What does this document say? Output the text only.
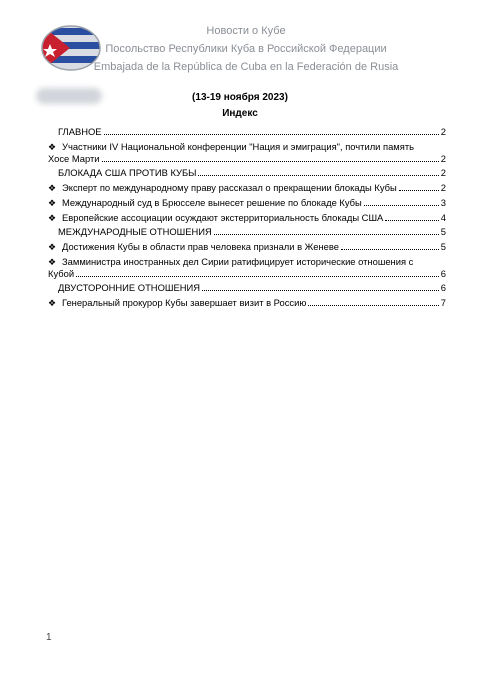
Новости о Кубе
Посольство Республики Куба в Российской Федерации
Embajada de la República de Cuba en la Federación de Rusia
(13-19 ноября 2023)
Индекс
ГЛАВНОЕ	2
❖ Участники IV Национальной конференции "Нация и эмиграция", почтили память
Хосе Марти	2
БЛОКАДА США ПРОТИВ КУБЫ	2
❖ Эксперт по международному праву рассказал о прекращении блокады Кубы	2
❖ Международный суд в Брюсселе вынесет решение по блокаде Кубы	3
❖ Европейские ассоциации осуждают экстерриториальность блокады США	4
МЕЖДУНАРОДНЫЕ ОТНОШЕНИЯ	5
❖ Достижения Кубы в области прав человека признали в Женеве	5
❖ Замминистра иностранных дел Сирии ратифицирует исторические отношения с
Кубой	6
ДВУСТОРОННИЕ ОТНОШЕНИЯ	6
❖ Генеральный прокурор Кубы завершает визит в Россию	7
1
